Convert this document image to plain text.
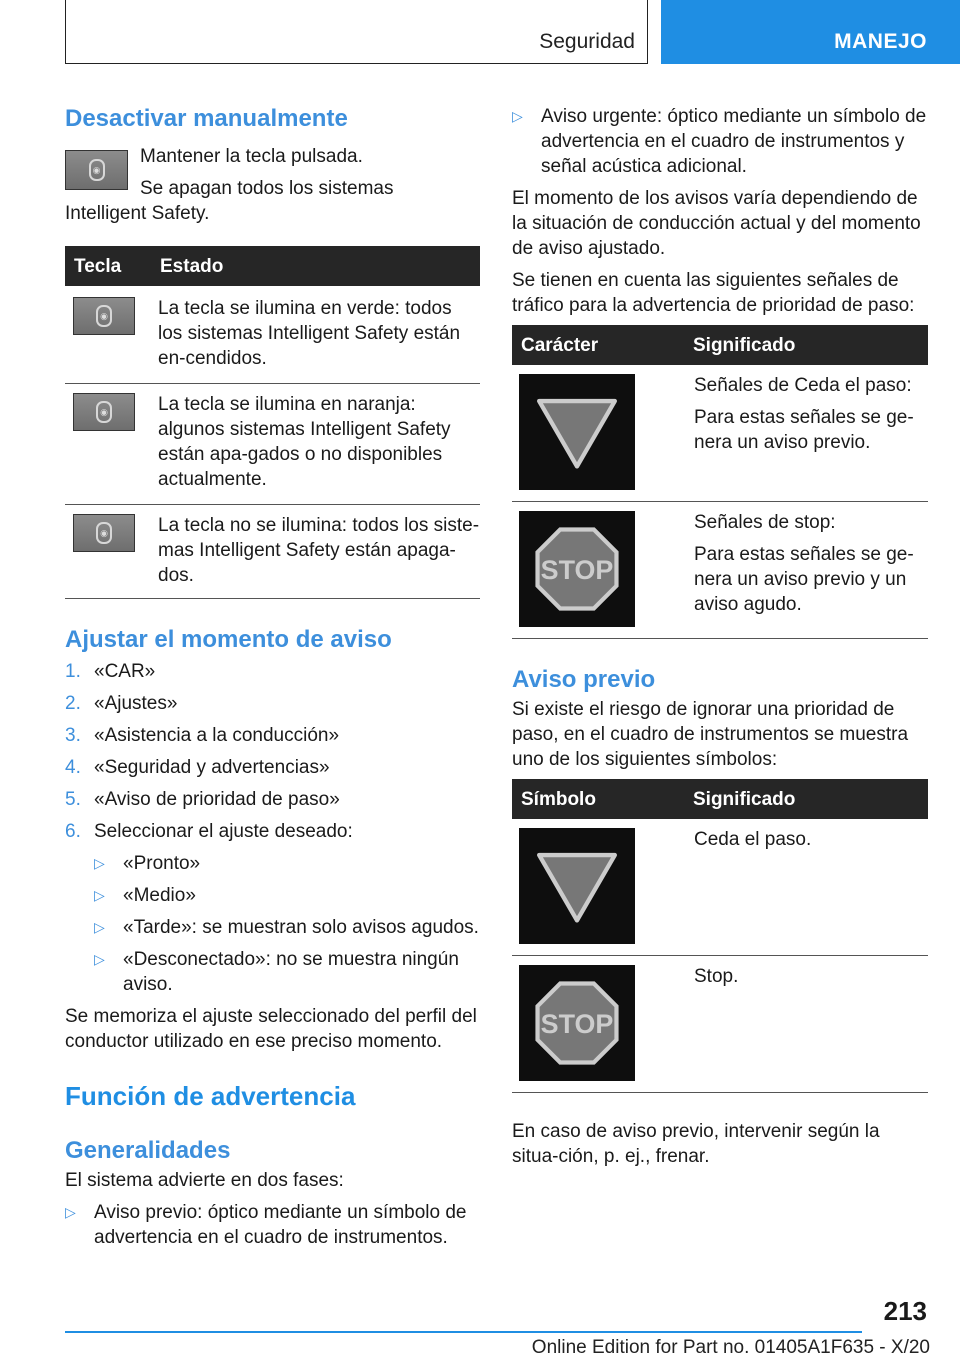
Seguridad	MANEJO
Desactivar manualmente
◉

Mantener la tecla pulsada.

Se apagan todos los sistemas Intelligent Safety.

Tecla	Estado

◉	La tecla se ilumina en verde: todos los sistemas Intelligent Safety están en-cendidos.

◉	La tecla se ilumina en naranja: algunos sistemas Intelligent Safety están apa-gados o no disponibles actualmente.

◉	La tecla no se ilumina: todos los siste-mas Intelligent Safety están apaga-dos.
Ajustar el momento de aviso
1. «CAR»
2. «Ajustes»
3. «Asistencia a la conducción»
4. «Seguridad y advertencias»
5. «Aviso de prioridad de paso»
6. Seleccionar el ajuste deseado:
▷ «Pronto»
▷ «Medio»
▷ «Tarde»: se muestran solo avisos agudos.
▷ «Desconectado»: no se muestra ningún aviso.

Se memoriza el ajuste seleccionado del perfil del conductor utilizado en ese preciso momento.

Función de advertencia
Generalidades

El sistema advierte en dos fases:

▷ Aviso previo: óptico mediante un símbolo de advertencia en el cuadro de instrumentos.
▷ Aviso urgente: óptico mediante un símbolo de advertencia en el cuadro de instrumentos y señal acústica adicional.

El momento de los avisos varía dependiendo de la situación de conducción actual y del momento de aviso ajustado.

Se tienen en cuenta las siguientes señales de tráfico para la advertencia de prioridad de paso:

Carácter	Significado

Señales de Ceda el paso:

Para estas señales se ge-nera un aviso previo.

STOP	Señales de stop:

Para estas señales se ge-nera un aviso previo y un aviso agudo.

Aviso previo

Si existe el riesgo de ignorar una prioridad de paso, en el cuadro de instrumentos se muestra uno de los siguientes símbolos:

Símbolo	Significado

Ceda el paso.

STOP	Stop.

En caso de aviso previo, intervenir según la situa-ción, p. ej., frenar.

213
Online Edition for Part no. 01405A1F635 - X/20
